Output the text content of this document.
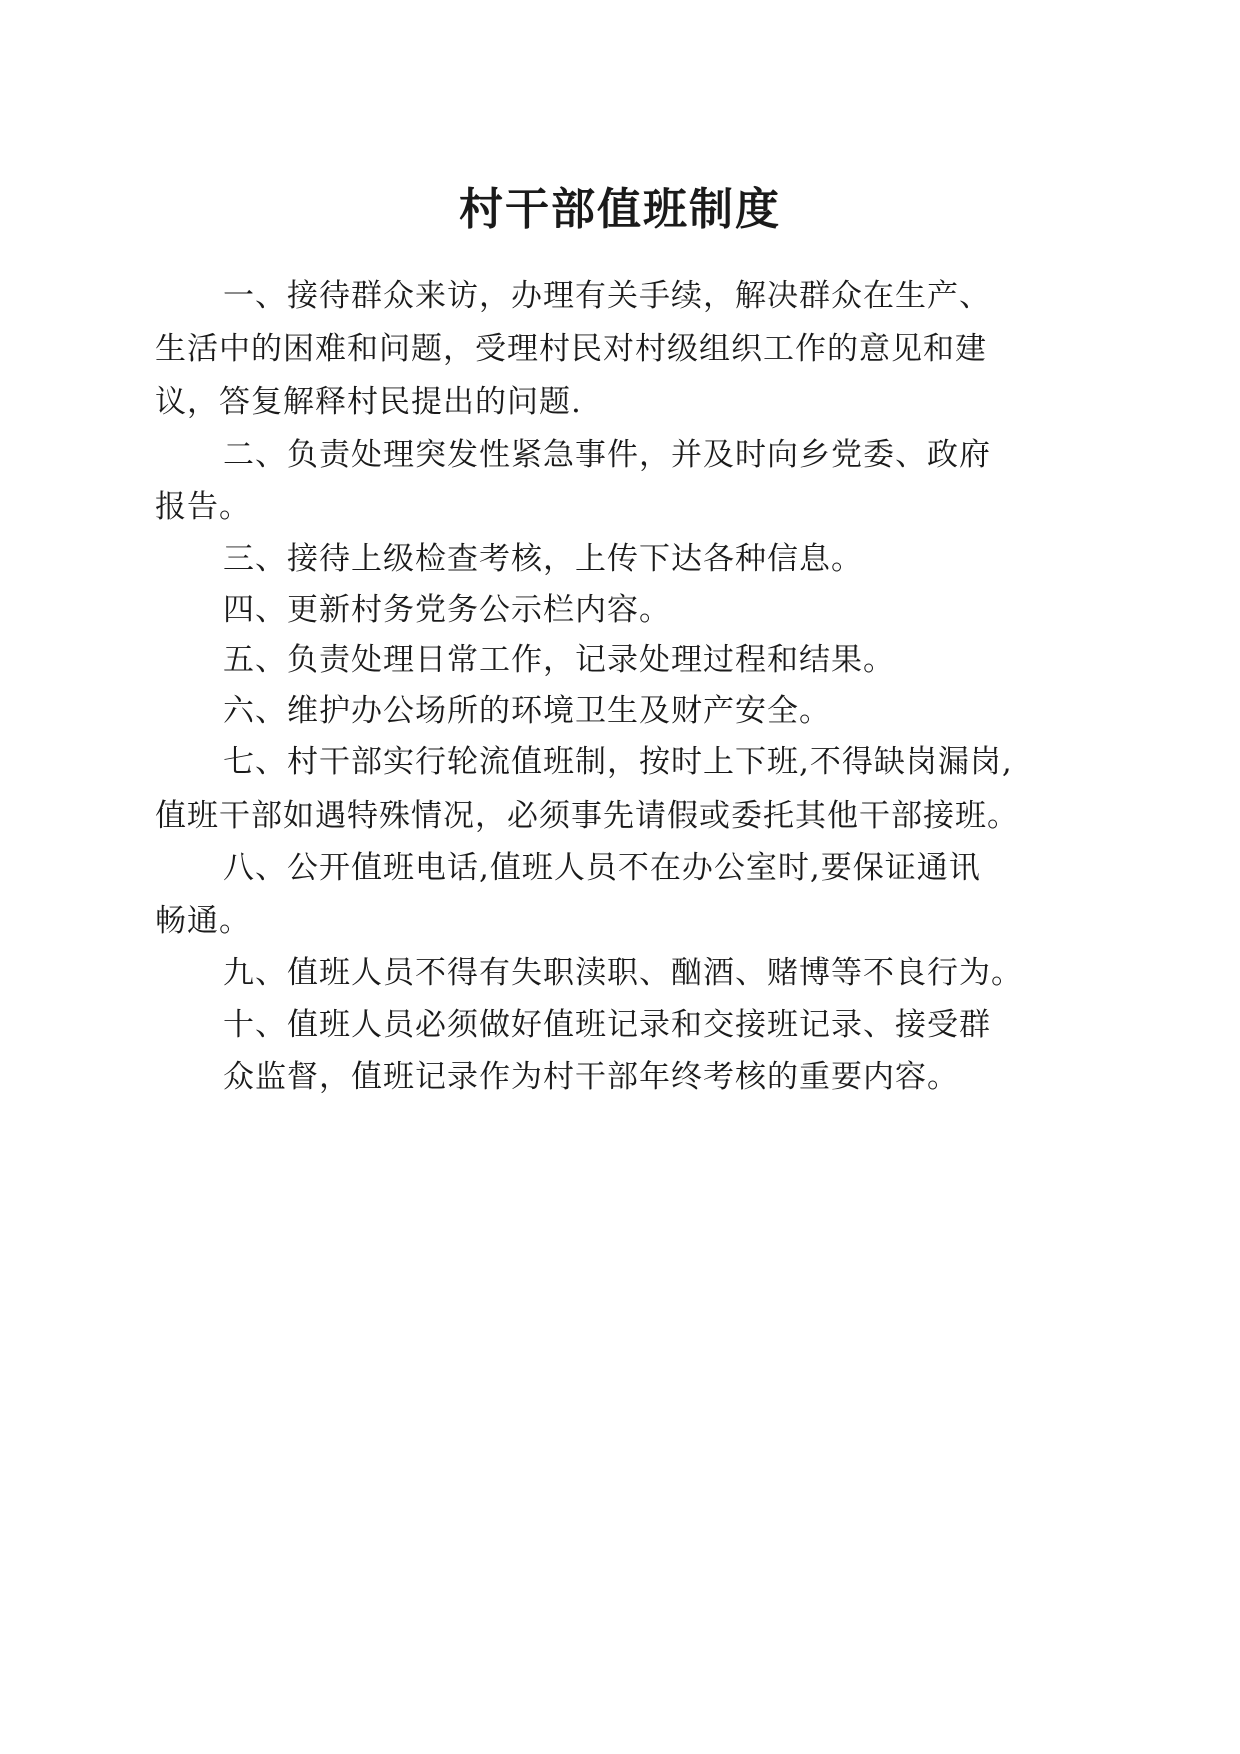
村干部值班制度
一、接待群众来访，办理有关手续，解决群众在生产、
生活中的困难和问题，受理村民对村级组织工作的意见和建
议，答复解释村民提出的问题.
二、负责处理突发性紧急事件，并及时向乡党委、政府
报告。
三、接待上级检查考核，上传下达各种信息。
四、更新村务党务公示栏内容。
五、负责处理日常工作，记录处理过程和结果。
六、维护办公场所的环境卫生及财产安全。
七、村干部实行轮流值班制，按时上下班,不得缺岗漏岗,
值班干部如遇特殊情况，必须事先请假或委托其他干部接班。
八、公开值班电话,值班人员不在办公室时,要保证通讯
畅通。
九、值班人员不得有失职渎职、酗酒、赌博等不良行为。
十、值班人员必须做好值班记录和交接班记录、接受群
众监督，值班记录作为村干部年终考核的重要内容。
